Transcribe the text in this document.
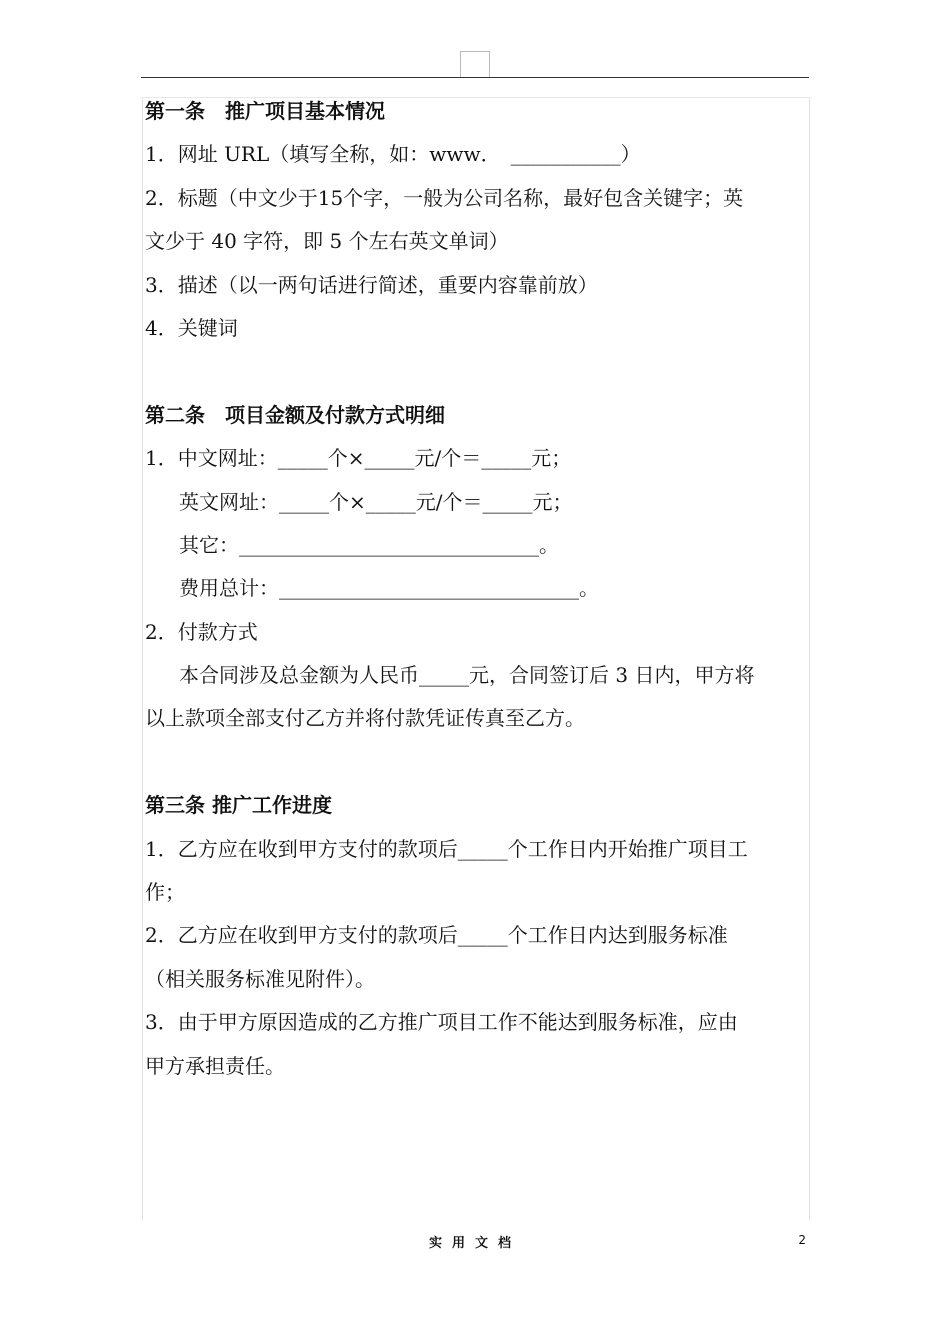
第一条　推广项目基本情况

1．网址 URL（填写全称，如：www．　___________）

2．标题（中文少于15个字，一般为公司名称，最好包含关键字；英

文少于 40 字符，即 5 个左右英文单词）

3．描述（以一两句话进行简述，重要内容靠前放）

4．关键词

第二条　项目金额及付款方式明细

1．中文网址：_____个×_____元/个＝_____元；

英文网址：_____个×_____元/个＝_____元；

其它：______________________________。

费用总计：______________________________。

2．付款方式

本合同涉及总金额为人民币_____元，合同签订后 3 日内，甲方将

以上款项全部支付乙方并将付款凭证传真至乙方。

第三条 推广工作进度

1．乙方应在收到甲方支付的款项后_____个工作日内开始推广项目工

作；

2．乙方应在收到甲方支付的款项后_____个工作日内达到服务标准

（相关服务标准见附件）。

3．由于甲方原因造成的乙方推广项目工作不能达到服务标准，应由

甲方承担责任。

实用文档	2
